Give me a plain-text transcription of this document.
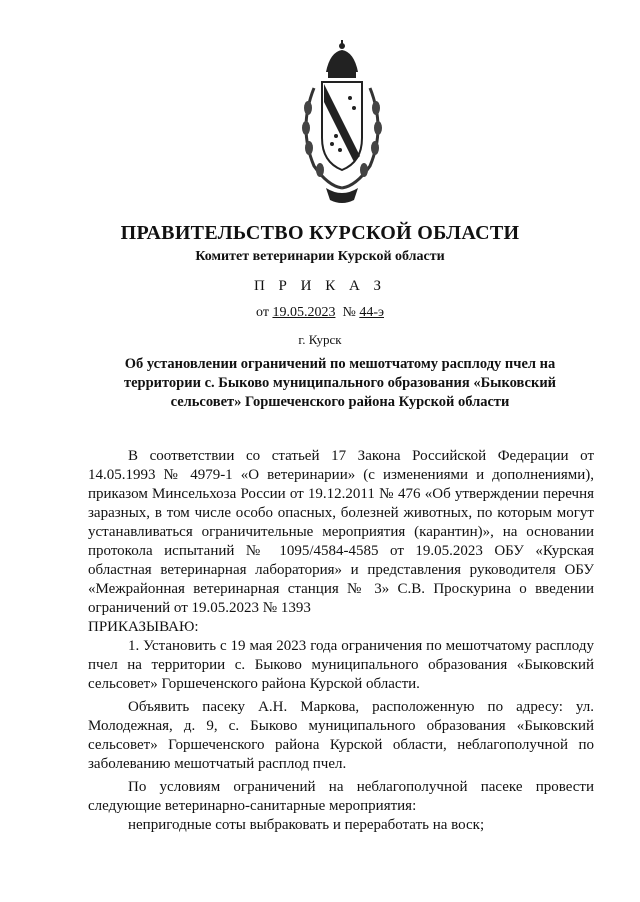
ПРАВИТЕЛЬСТВО КУРСКОЙ ОБЛАСТИ
Комитет ветеринарии Курской области
П Р И К А З
от 19.05.2023 № 44-э
г. Курск
Об установлении ограничений по мешотчатому расплоду пчел на территории с. Быково муниципального образования «Быковский сельсовет» Горшеченского района Курской области

В соответствии со статьей 17 Закона Российской Федерации от 14.05.1993 № 4979-1 «О ветеринарии» (с изменениями и дополнениями), приказом Минсельхоза России от 19.12.2011 № 476 «Об утверждении перечня заразных, в том числе особо опасных, болезней животных, по которым могут устанавливаться ограничительные мероприятия (карантин)», на основании протокола испытаний № 1095/4584-4585 от 19.05.2023 ОБУ «Курская областная ветеринарная лаборатория» и представления руководителя ОБУ «Межрайонная ветеринарная станция № 3» С.В. Проскурина о введении ограничений от 19.05.2023 № 1393

ПРИКАЗЫВАЮ:

1. Установить с 19 мая 2023 года ограничения по мешотчатому расплоду пчел на территории с. Быково муниципального образования «Быковский сельсовет» Горшеченского района Курской области.

Объявить пасеку А.Н. Маркова, расположенную по адресу: ул. Молодежная, д. 9, с. Быково муниципального образования «Быковский сельсовет» Горшеченского района Курской области, неблагополучной по заболеванию мешотчатый расплод пчел.

По условиям ограничений на неблагополучной пасеке провести следующие ветеринарно-санитарные мероприятия:

непригодные соты выбраковать и переработать на воск;
